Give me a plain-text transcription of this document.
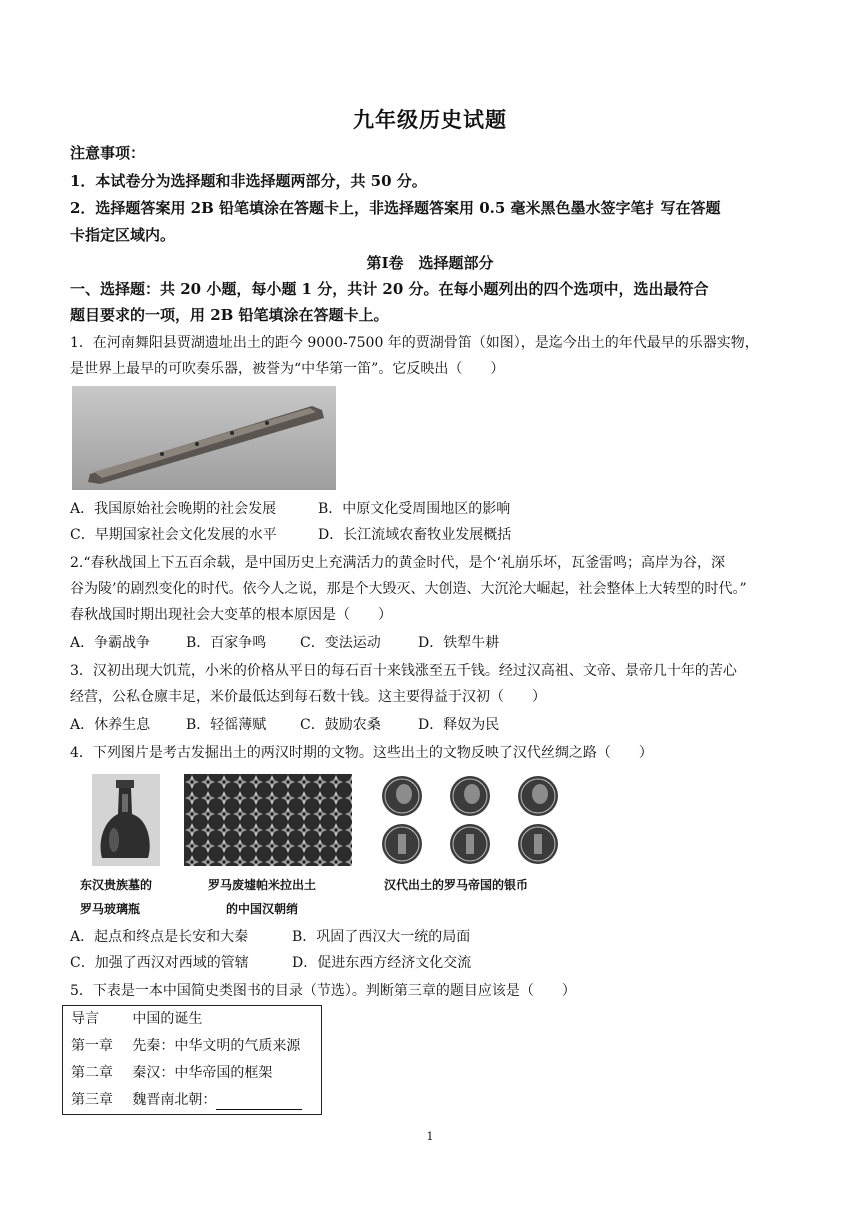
九年级历史试题
注意事项：
1．本试卷分为选择题和非选择题两部分，共 50 分。
2．选择题答案用 2B 铅笔填涂在答题卡上，非选择题答案用 0.5 毫米黑色墨水签字笔扌写在答题
卡指定区域内。
第Ⅰ卷　选择题部分
一、选择题：共 20 小题，每小题 1 分，共计 20 分。在每小题列出的四个选项中，选出最符合
题目要求的一项，用 2B 铅笔填涂在答题卡上。
1．在河南舞阳县贾湖遗址出土的距今 9000-7500 年的贾湖骨笛（如图），是迄今出土的年代最早的乐器实物，
是世界上最早的可吹奏乐器，被誉为“中华第一笛”。它反映出（　　）
A．我国原始社会晚期的社会发展	B．中原文化受周围地区的影响
C．早期国家社会文化发展的水平	D．长江流域农畜牧业发展概括
2.“春秋战国上下五百余载，是中国历史上充满活力的黄金时代，是个‘礼崩乐坏，瓦釜雷鸣；高岸为谷，深
谷为陵’的剧烈变化的时代。依今人之说，那是个大毁灭、大创造、大沉沦大崛起，社会整体上大转型的时代。”
春秋战国时期出现社会大变革的根本原因是（　　）
A．争霸战争	B．百家争鸣 C．变法运动	D．铁犁牛耕
3．汉初出现大饥荒，小米的价格从平日的每石百十来钱涨至五千钱。经过汉高祖、文帝、景帝几十年的苦心
经营，公私仓廪丰足，米价最低达到每石数十钱。这主要得益于汉初（　　）
A．休养生息	B．轻徭薄赋 C．鼓励农桑	D．释奴为民
4．下列图片是考古发掘出土的两汉时期的文物。这些出土的文物反映了汉代丝绸之路（　　）
东汉贵族墓的
罗马玻璃瓶
罗马废墟帕米拉出土
的中国汉朝绡
汉代出土的罗马帝国的银币
A．起点和终点是长安和大秦	B．巩固了西汉大一统的局面
C．加强了西汉对西域的管辖	D．促进东西方经济文化交流
5．下表是一本中国简史类图书的目录（节选）。判断第三章的题目应该是（　　）
导言	中国的诞生
第一章	先秦：中华文明的气质来源
第二章	秦汉：中华帝国的框架
第三章	魏晋南北朝：
1
